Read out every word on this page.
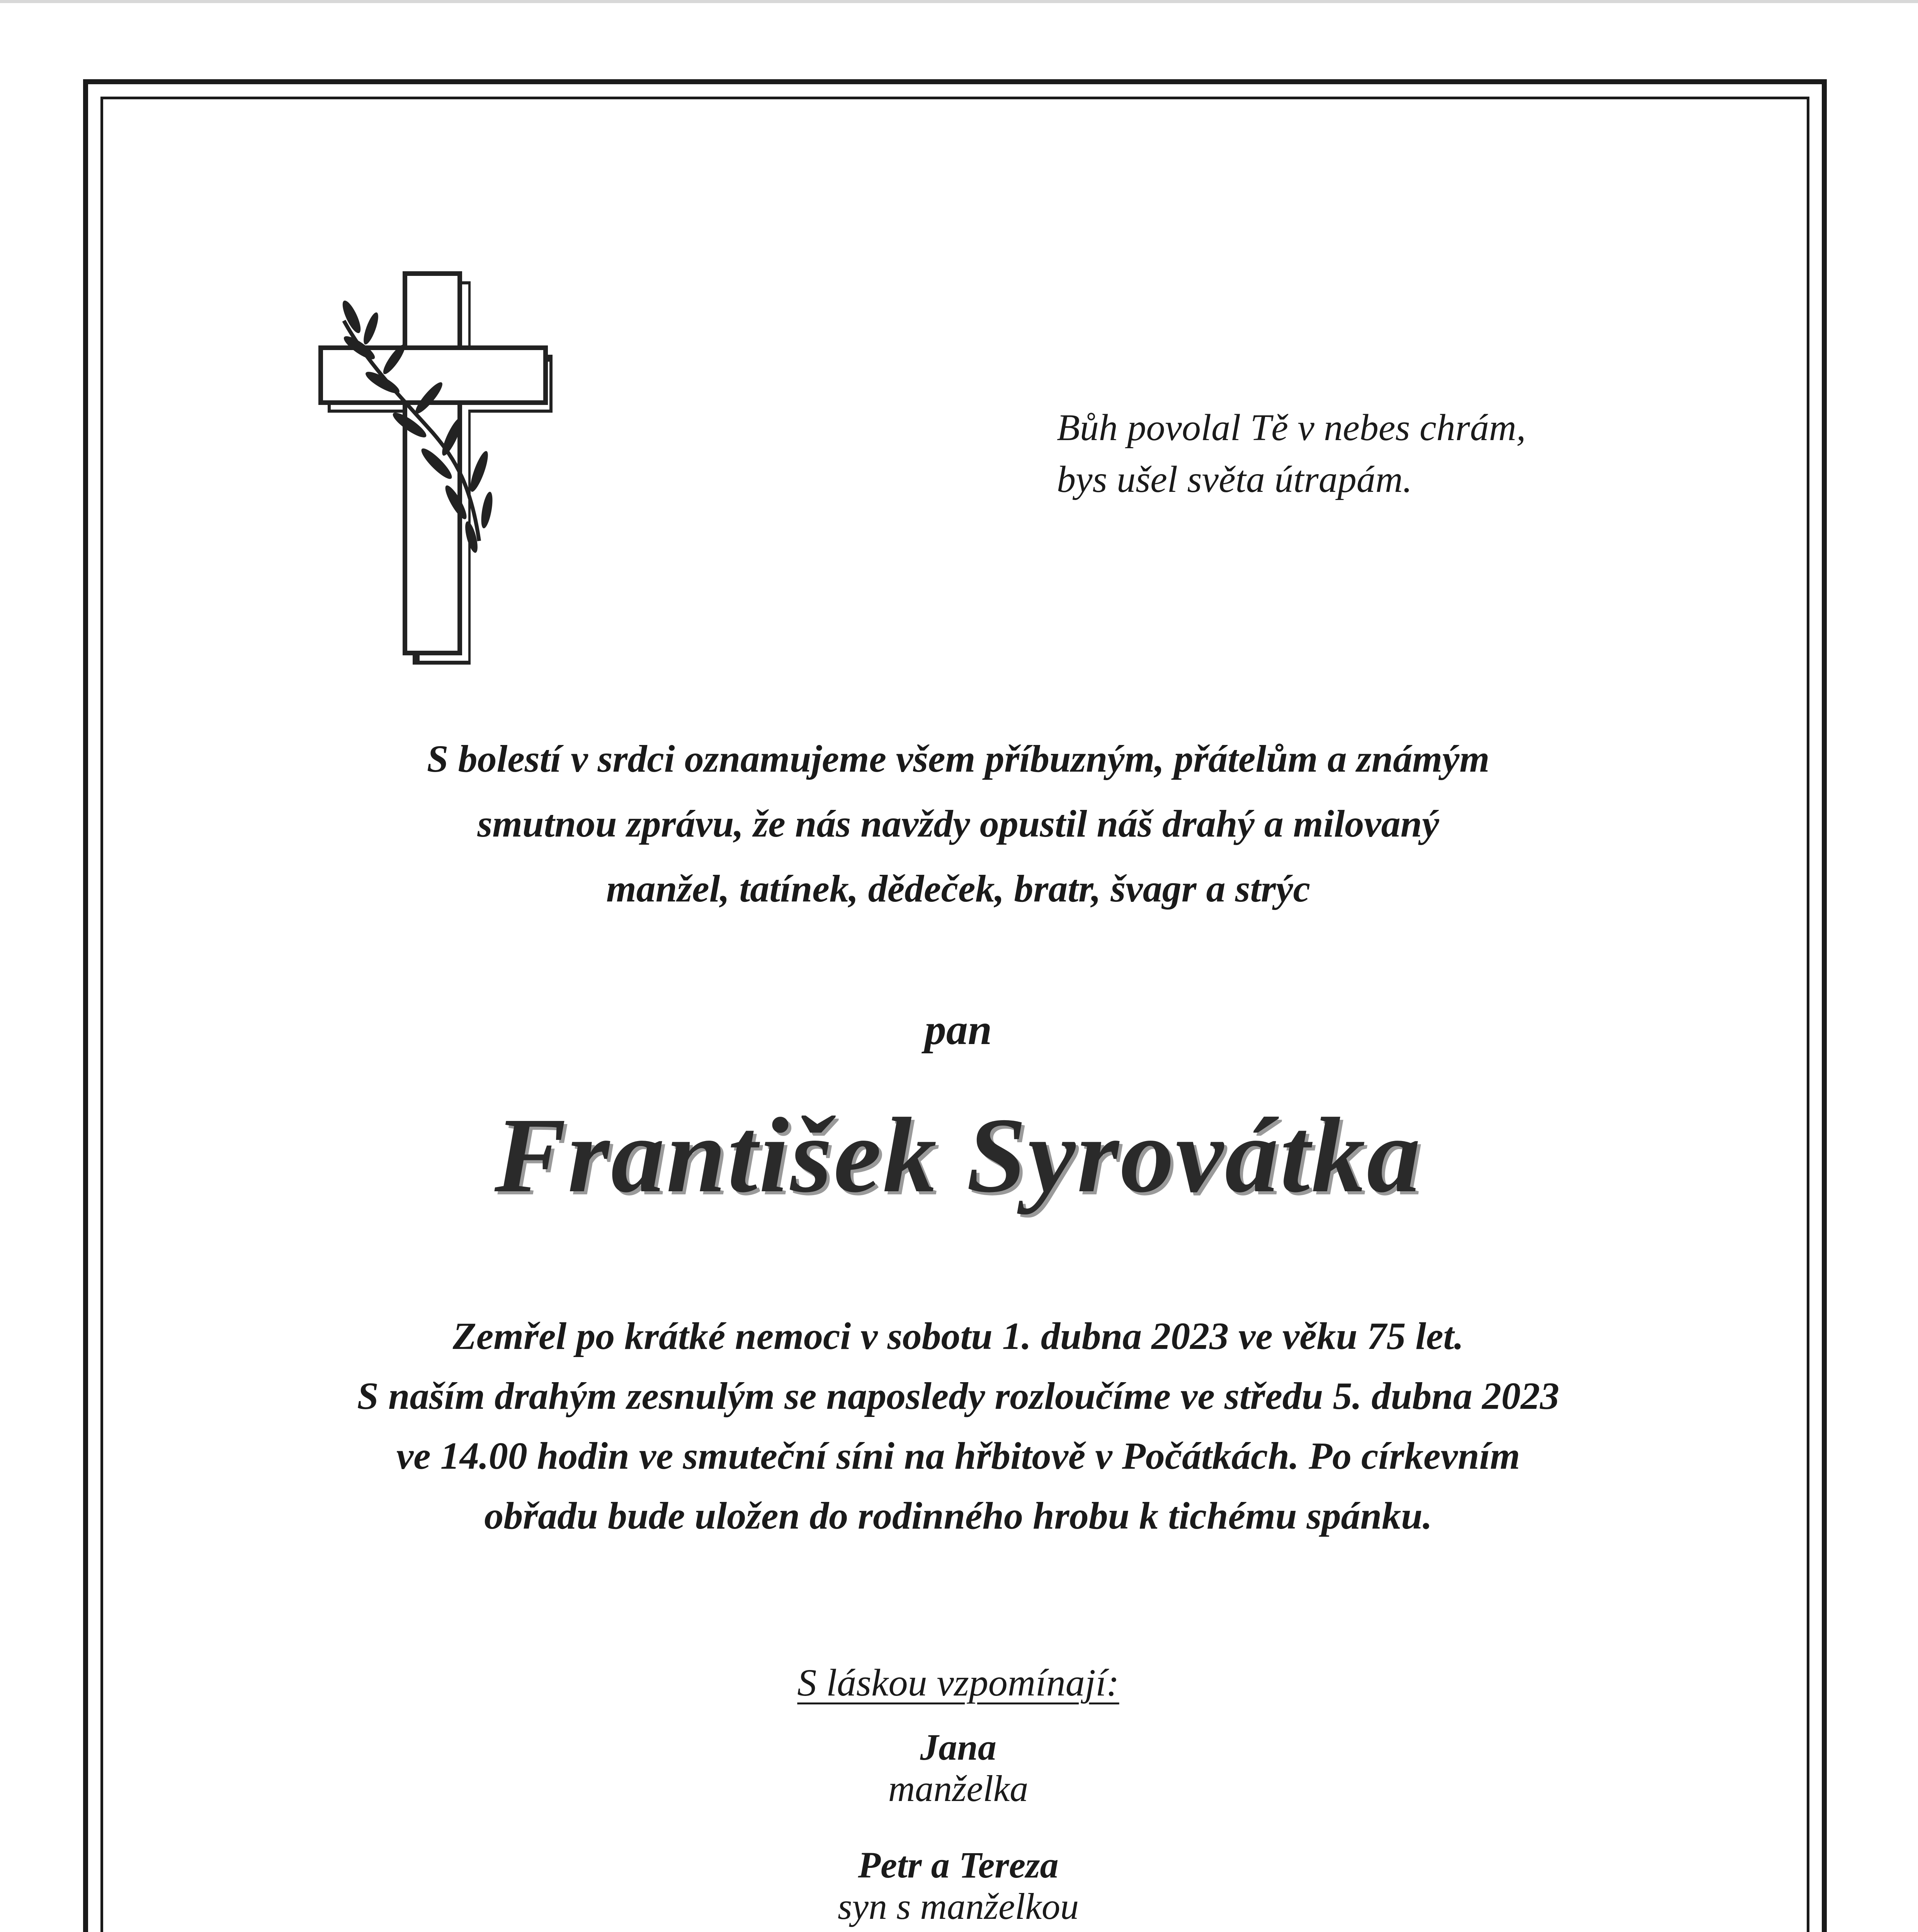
Bůh povolal Tě v nebes chrám,
bys ušel světa útrapám.
S bolestí v srdci oznamujeme všem příbuzným, přátelům a známým
smutnou zprávu, že nás navždy opustil náš drahý a milovaný
manžel, tatínek, dědeček, bratr, švagr a strýc
pan
František Syrovátka
Zemřel po krátké nemoci v sobotu 1. dubna 2023 ve věku 75 let.
S naším drahým zesnulým se naposledy rozloučíme ve středu 5. dubna 2023
ve 14.00 hodin ve smuteční síni na hřbitově v Počátkách. Po církevním
obřadu bude uložen do rodinného hrobu k tichému spánku.
S láskou vzpomínají:
Jana
manželka
Petr a Tereza
syn s manželkou
